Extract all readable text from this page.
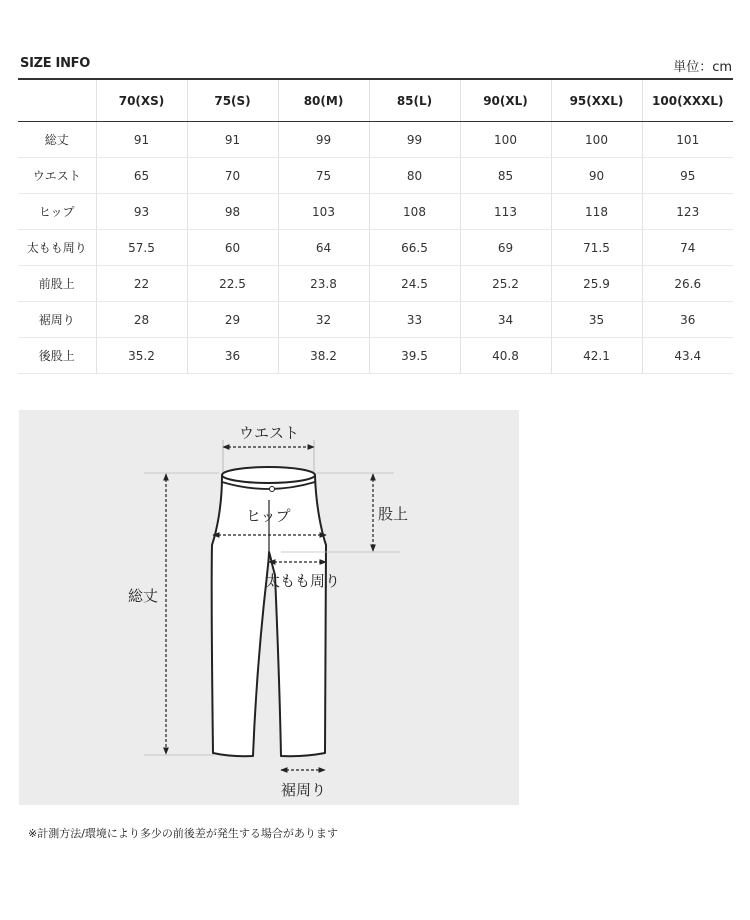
SIZE INFO	単位：cm
	70(XS)	75(S)	80(M)	85(L)	90(XL)	95(XXL)	100(XXXL)
総丈	91	91	99	99	100	100	101
ウエスト	65	70	75	80	85	90	95
ヒップ	93	98	103	108	113	118	123
太もも周り	57.5	60	64	66.5	69	71.5	74
前股上	22	22.5	23.8	24.5	25.2	25.9	26.6
裾周り	28	29	32	33	34	35	36
後股上	35.2	36	38.2	39.5	40.8	42.1	43.4
ウエスト
ヒップ	股上
太もも周り
総丈
裾周り
※計測方法/環境により多少の前後差が発生する場合があります
